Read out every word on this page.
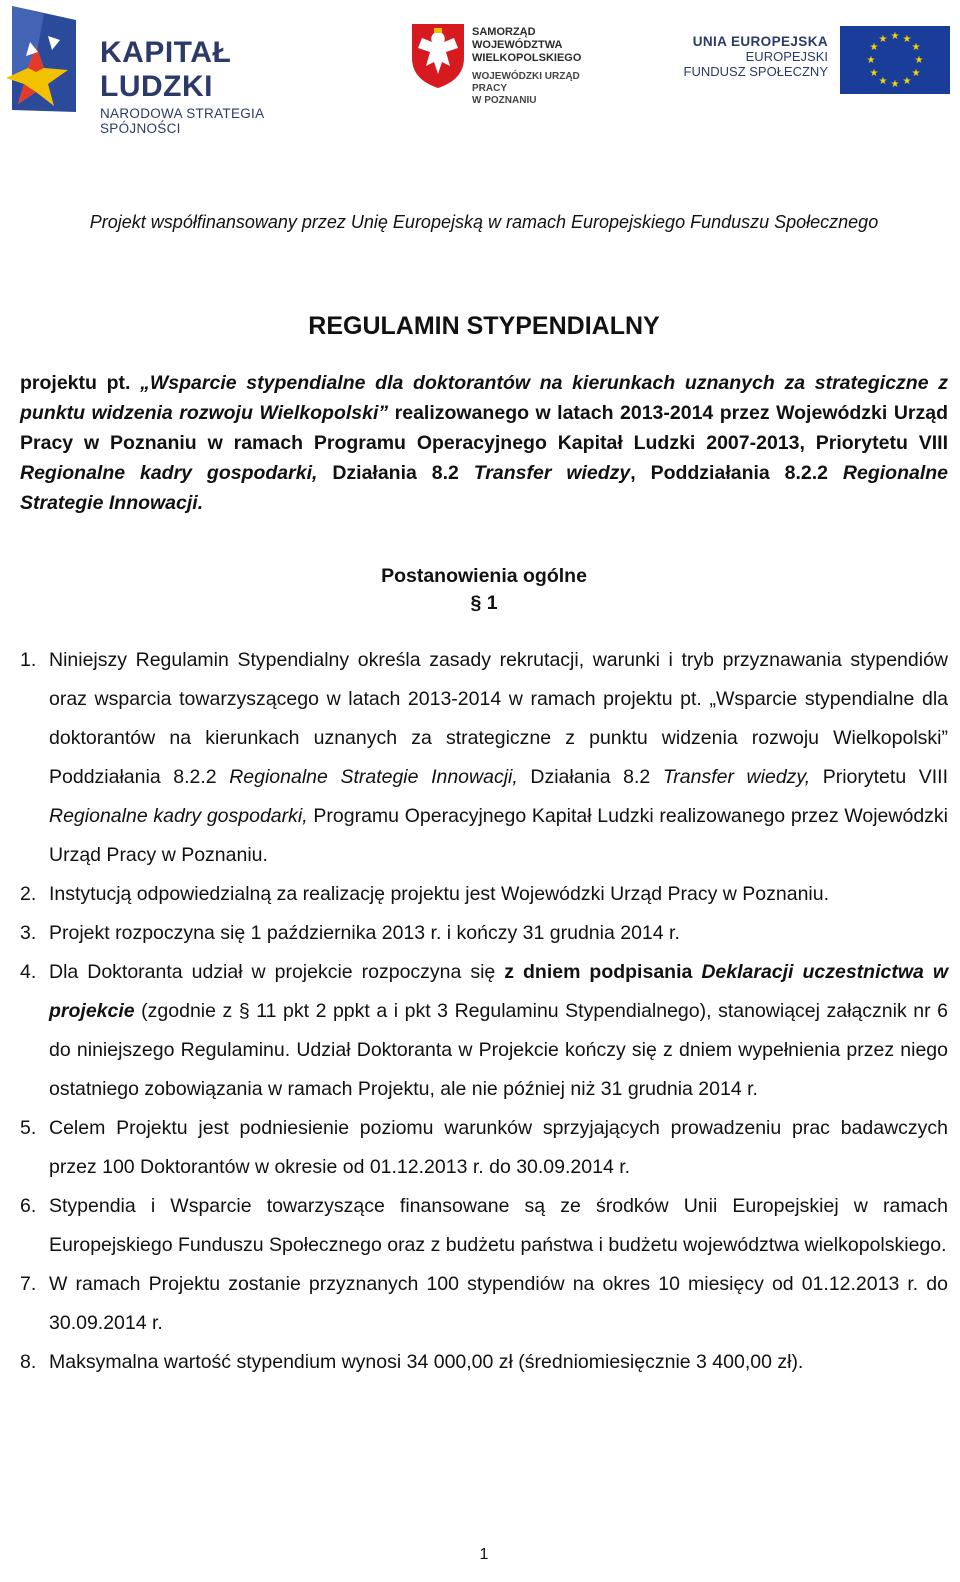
KAPITAŁ LUDZKI
NARODOWA STRATEGIA SPÓJNOŚCI
SAMORZĄD WOJEWÓDZTWA
WIELKOPOLSKIEGO
WOJEWÓDZKI URZĄD PRACY
W POZNANIU
UNIA EUROPEJSKA
EUROPEJSKI
FUNDUSZ SPOŁECZNY
★ ★
★
★
★
★
★
★
★
★
★
★
Projekt współfinansowany przez Unię Europejską w ramach Europejskiego Funduszu Społecznego
REGULAMIN STYPENDIALNY
projektu pt. „Wsparcie stypendialne dla doktorantów na kierunkach uznanych za strategiczne z punktu widzenia rozwoju Wielkopolski” realizowanego w latach 2013-2014 przez Wojewódzki Urząd Pracy w Poznaniu w ramach Programu Operacyjnego Kapitał Ludzki 2007-2013, Priorytetu VIII Regionalne kadry gospodarki, Działania 8.2 Transfer wiedzy, Poddziałania 8.2.2 Regionalne Strategie Innowacji.
Postanowienia ogólne
§ 1
1. Niniejszy Regulamin Stypendialny określa zasady rekrutacji, warunki i tryb przyznawania stypendiów oraz wsparcia towarzyszącego w latach 2013-2014 w ramach projektu pt. „Wsparcie stypendialne dla doktorantów na kierunkach uznanych za strategiczne z punktu widzenia rozwoju Wielkopolski” Poddziałania 8.2.2 Regionalne Strategie Innowacji, Działania 8.2 Transfer wiedzy, Priorytetu VIII Regionalne kadry gospodarki, Programu Operacyjnego Kapitał Ludzki realizowanego przez Wojewódzki Urząd Pracy w Poznaniu.
2. Instytucją odpowiedzialną za realizację projektu jest Wojewódzki Urząd Pracy w Poznaniu.
3. Projekt rozpoczyna się 1 października 2013 r. i kończy 31 grudnia 2014 r.
4. Dla Doktoranta udział w projekcie rozpoczyna się z dniem podpisania Deklaracji uczestnictwa w projekcie (zgodnie z § 11 pkt 2 ppkt a i pkt 3 Regulaminu Stypendialnego), stanowiącej załącznik nr 6 do niniejszego Regulaminu. Udział Doktoranta w Projekcie kończy się z dniem wypełnienia przez niego ostatniego zobowiązania w ramach Projektu, ale nie później niż 31 grudnia 2014 r.
5. Celem Projektu jest podniesienie poziomu warunków sprzyjających prowadzeniu prac badawczych przez 100 Doktorantów w okresie od 01.12.2013 r. do 30.09.2014 r.
6. Stypendia i Wsparcie towarzyszące finansowane są ze środków Unii Europejskiej w ramach Europejskiego Funduszu Społecznego oraz z budżetu państwa i budżetu województwa wielkopolskiego.
7. W ramach Projektu zostanie przyznanych 100 stypendiów na okres 10 miesięcy od 01.12.2013 r. do 30.09.2014 r.
8. Maksymalna wartość stypendium wynosi 34 000,00 zł (średniomiesięcznie 3 400,00 zł).
1
